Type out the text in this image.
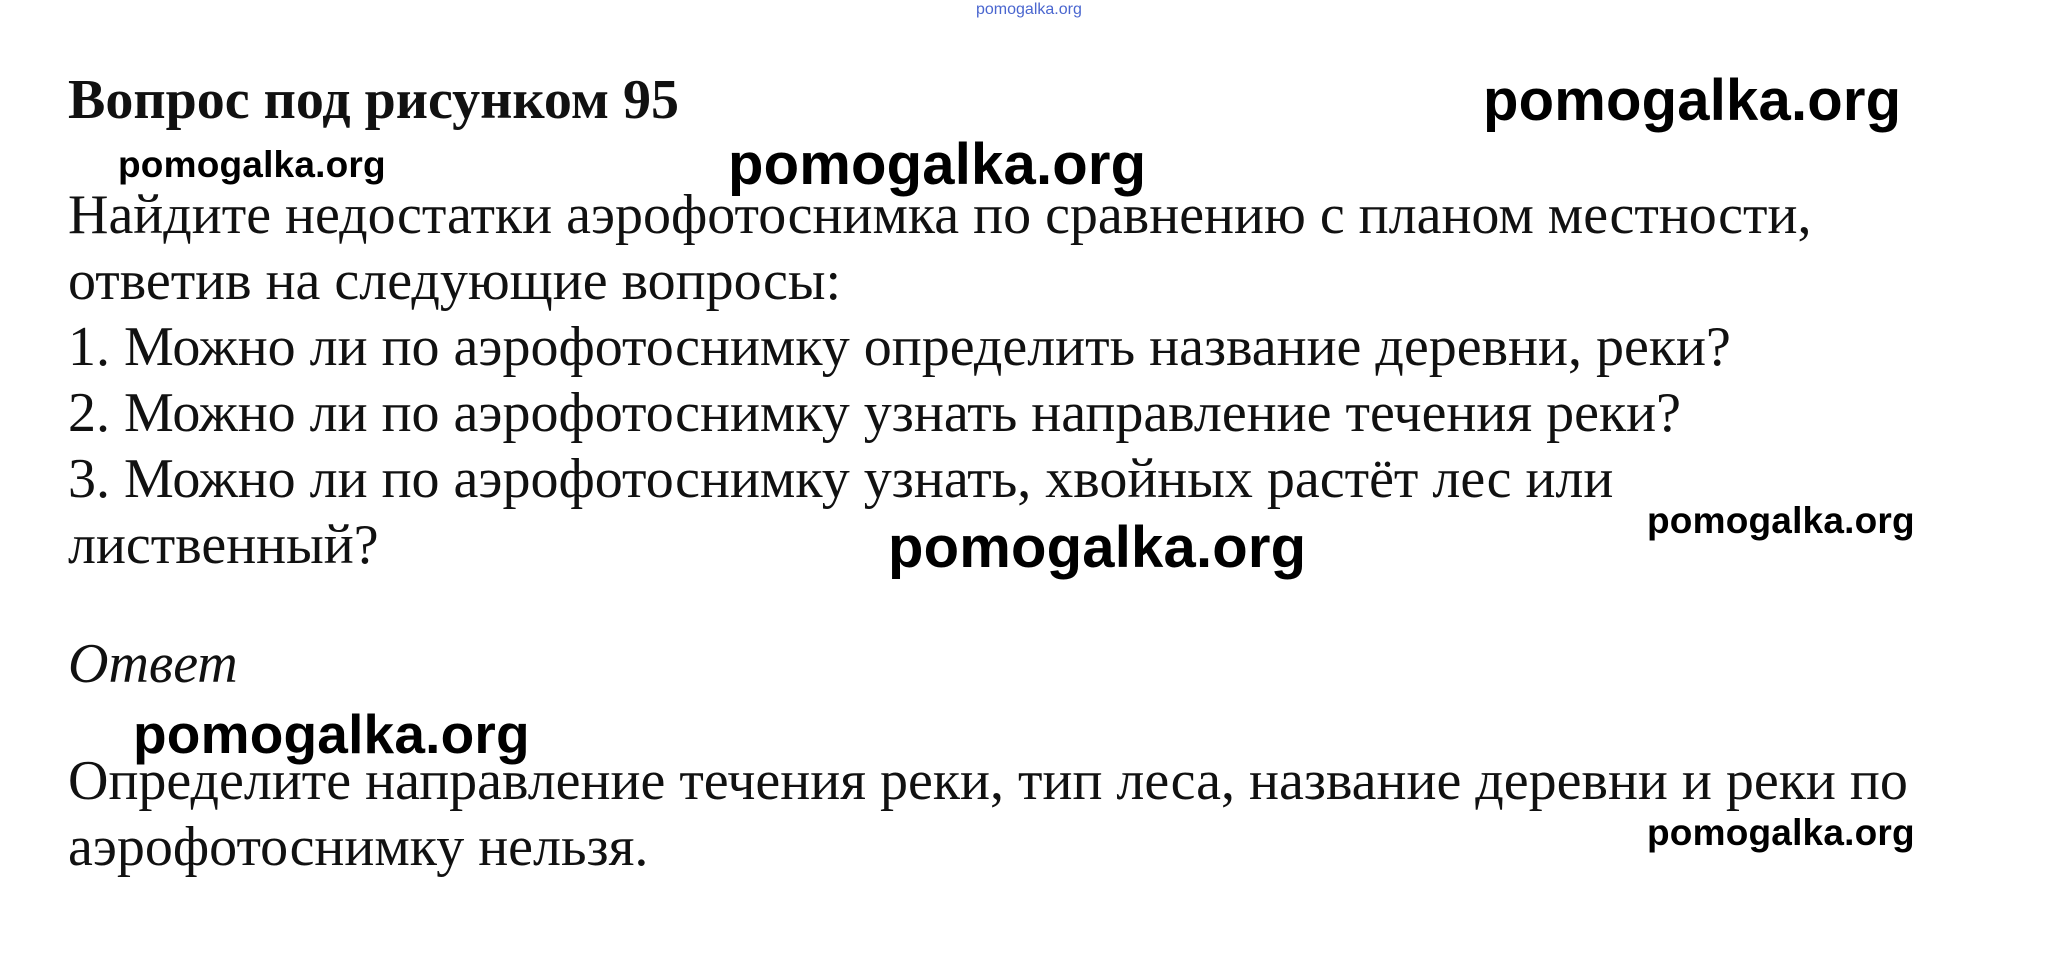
pomogalka.org
Вопрос под рисунком 95
Найдите недостатки аэрофотоснимка по сравнению с планом местности,
ответив на следующие вопросы:
1. Можно ли по аэрофотоснимку определить название деревни, реки?
2. Можно ли по аэрофотоснимку узнать направление течения реки?
3. Можно ли по аэрофотоснимку узнать, хвойных растёт лес или
лиственный?
Ответ
Определите направление течения реки, тип леса, название деревни и реки по
аэрофотоснимку нельзя.
pomogalka.org
pomogalka.org	pomogalka.org
pomogalka.org
pomogalka.org
pomogalka.org
pomogalka.org
